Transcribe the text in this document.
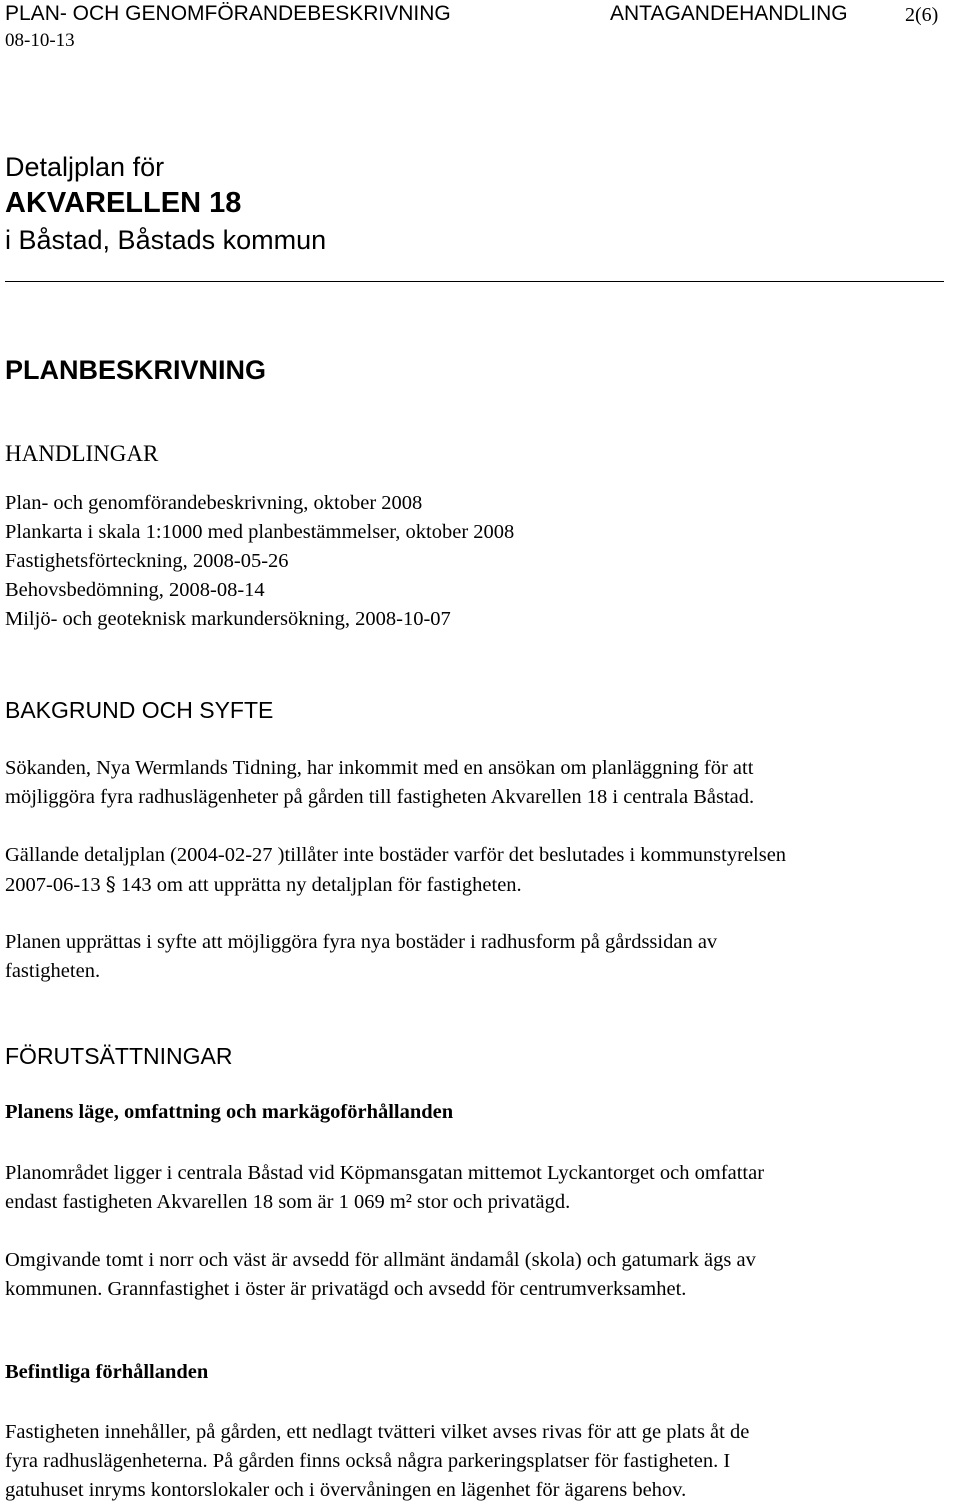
PLAN- OCH GENOMFÖRANDEBESKRIVNING	ANTAGANDEHANDLING	2(6)
08-10-13
Detaljplan för
AKVARELLEN 18
i Båstad, Båstads kommun
PLANBESKRIVNING
HANDLINGAR
Plan- och genomförandebeskrivning, oktober 2008
Plankarta i skala 1:1000 med planbestämmelser, oktober 2008
Fastighetsförteckning, 2008-05-26
Behovsbedömning, 2008-08-14
Miljö- och geoteknisk markundersökning, 2008-10-07
BAKGRUND OCH SYFTE
Sökanden, Nya Wermlands Tidning, har inkommit med en ansökan om planläggning för att
möjliggöra fyra radhuslägenheter på gården till fastigheten Akvarellen 18 i centrala Båstad.
Gällande detaljplan (2004-02-27 )tillåter inte bostäder varför det beslutades i kommunstyrelsen
2007-06-13 § 143 om att upprätta ny detaljplan för fastigheten.
Planen upprättas i syfte att möjliggöra fyra nya bostäder i radhusform på gårdssidan av
fastigheten.
FÖRUTSÄTTNINGAR
Planens läge, omfattning och markägoförhållanden
Planområdet ligger i centrala Båstad vid Köpmansgatan mittemot Lyckantorget och omfattar
endast fastigheten Akvarellen 18 som är 1 069 m² stor och privatägd.
Omgivande tomt i norr och väst är avsedd för allmänt ändamål (skola) och gatumark ägs av
kommunen. Grannfastighet i öster är privatägd och avsedd för centrumverksamhet.
Befintliga förhållanden
Fastigheten innehåller, på gården, ett nedlagt tvätteri vilket avses rivas för att ge plats åt de
fyra radhuslägenheterna. På gården finns också några parkeringsplatser för fastigheten. I
gatuhuset inryms kontorslokaler och i övervåningen en lägenhet för ägarens behov.
